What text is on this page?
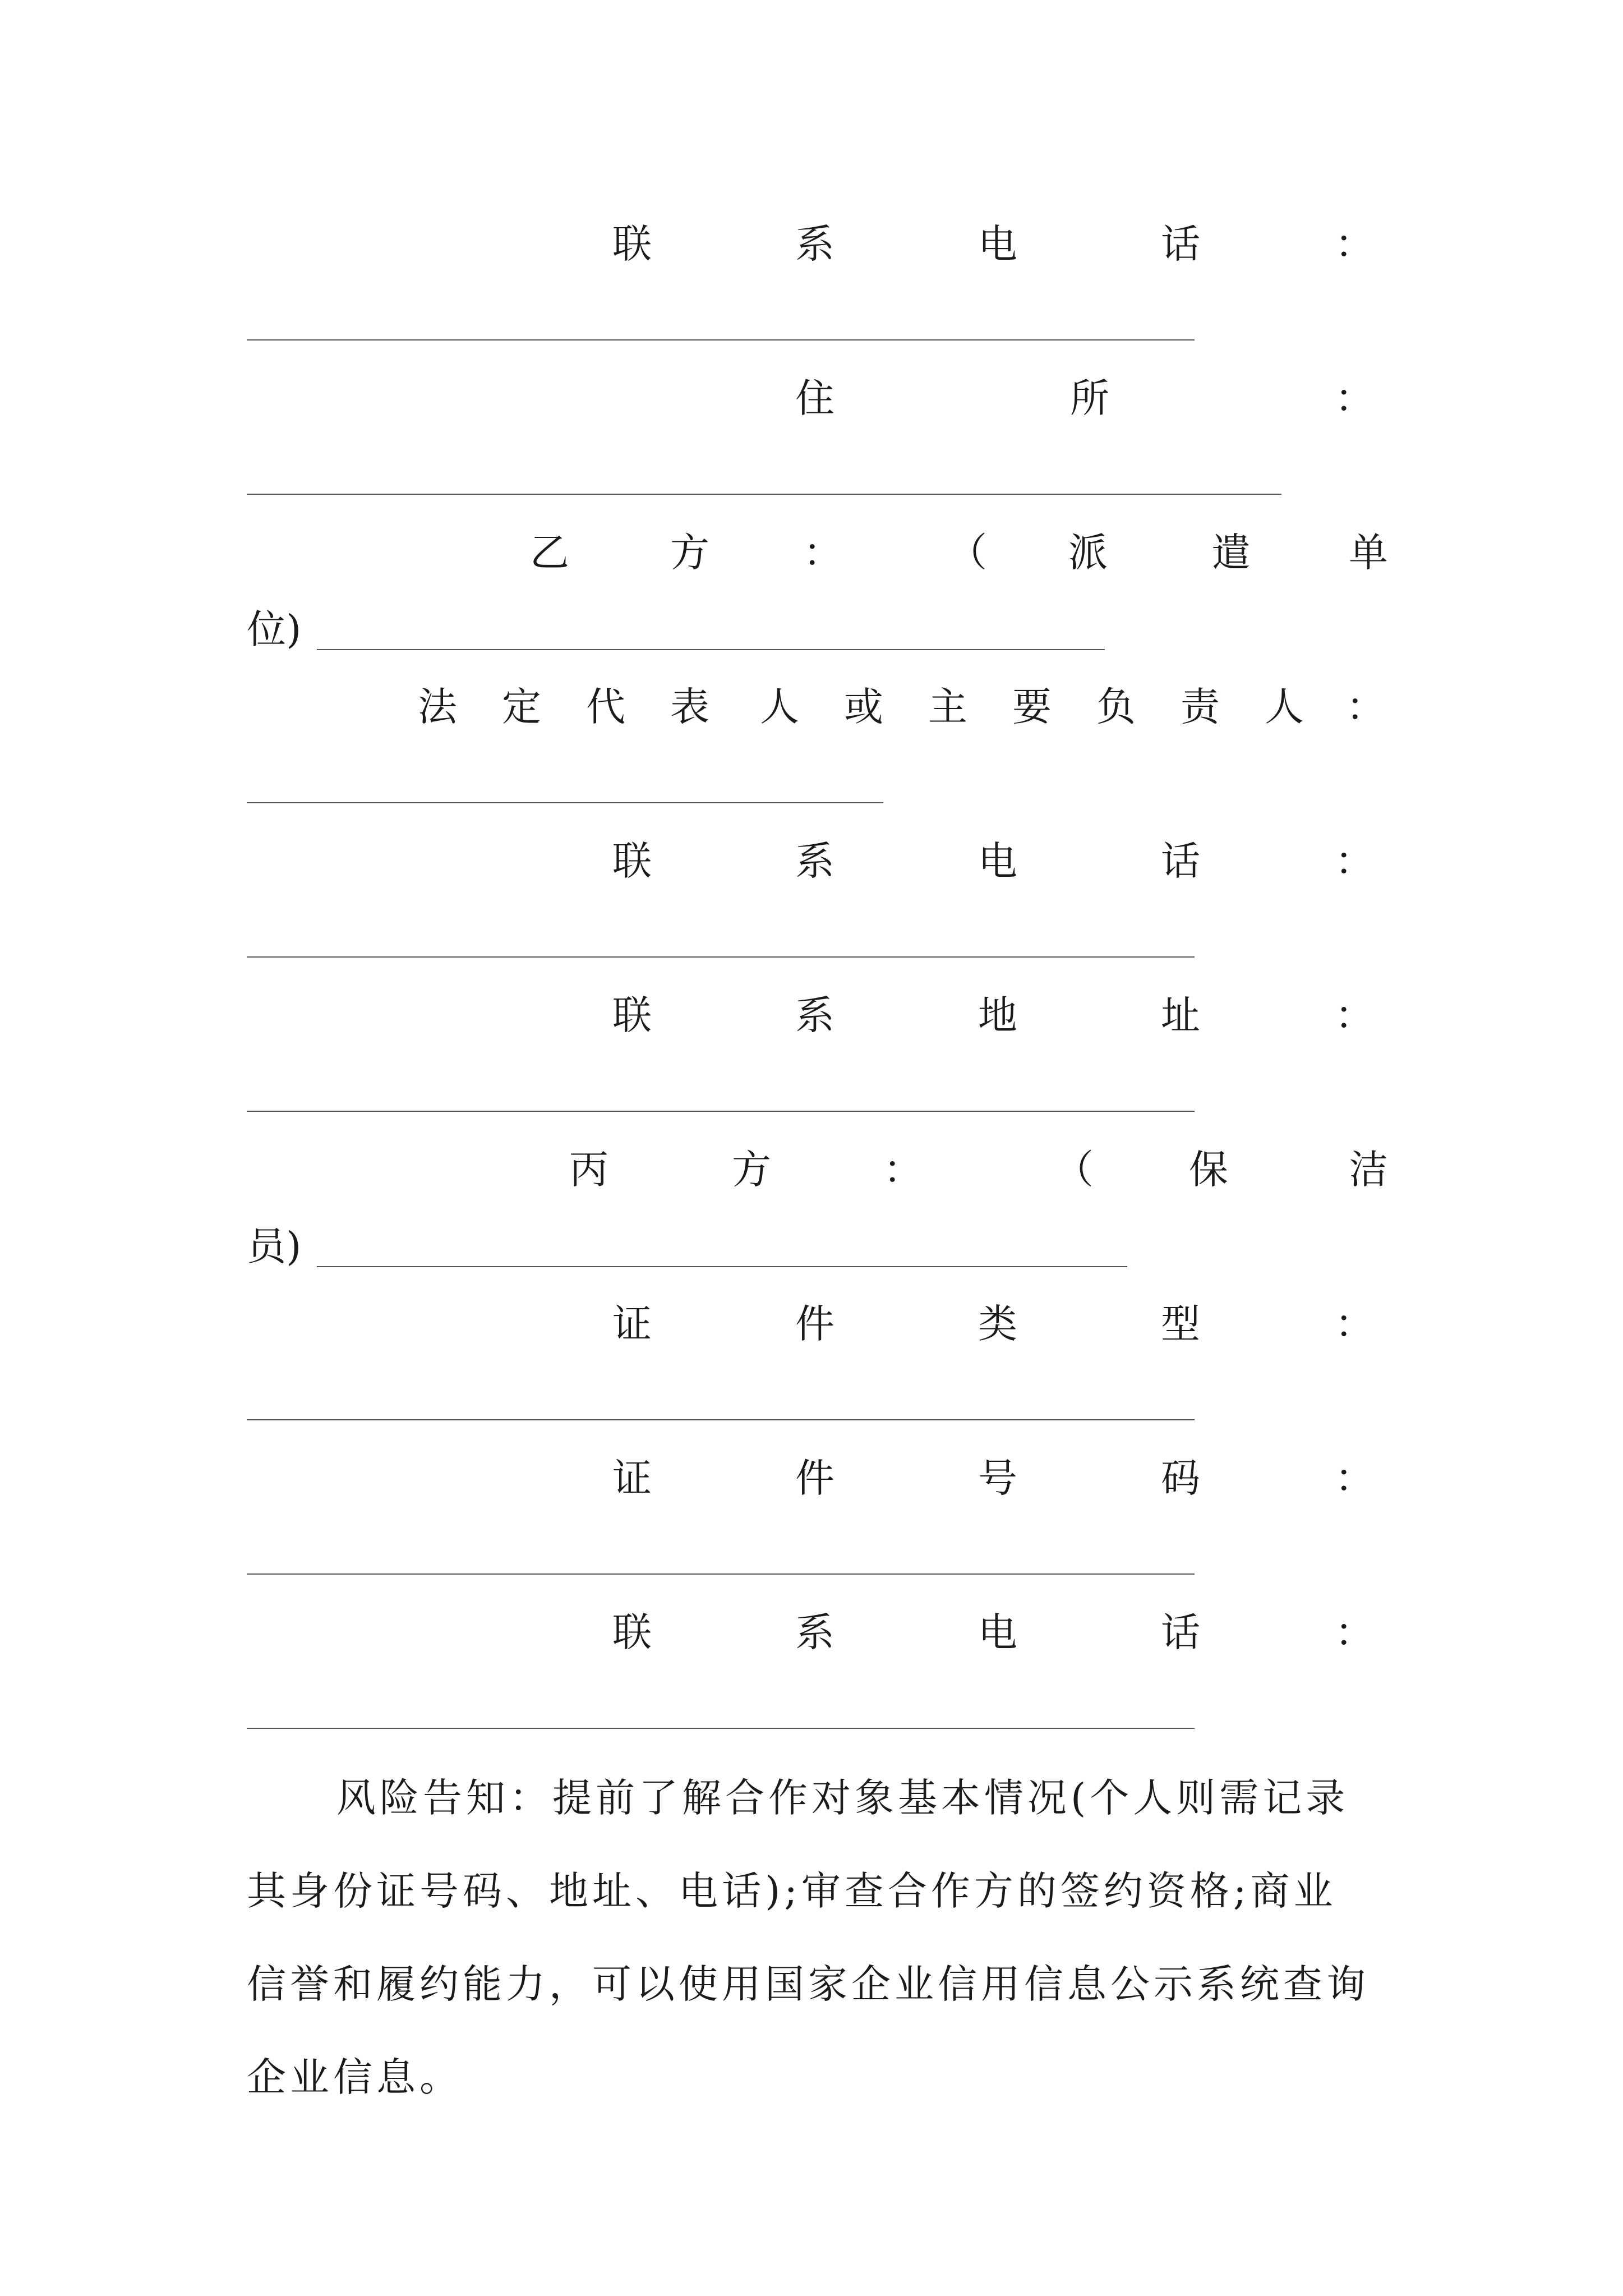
联	系	电	话	：
住	所	：
乙	方 ：	（ 派	遣	单
位)
法 定 代 表 人 或 主 要 负 责 人 ：
联	系	电	话	：
联	系	地	址	：
丙	方	：	（ 保	洁
员)
证	件	类	型	：
证	件	号	码	：
联	系	电	话	：
风险告知：提前了解合作对象基本情况(个人则需记录
其身份证号码、地址、电话);审查合作方的签约资格;商业
信誉和履约能力，可以使用国家企业信用信息公示系统查询
企业信息。
